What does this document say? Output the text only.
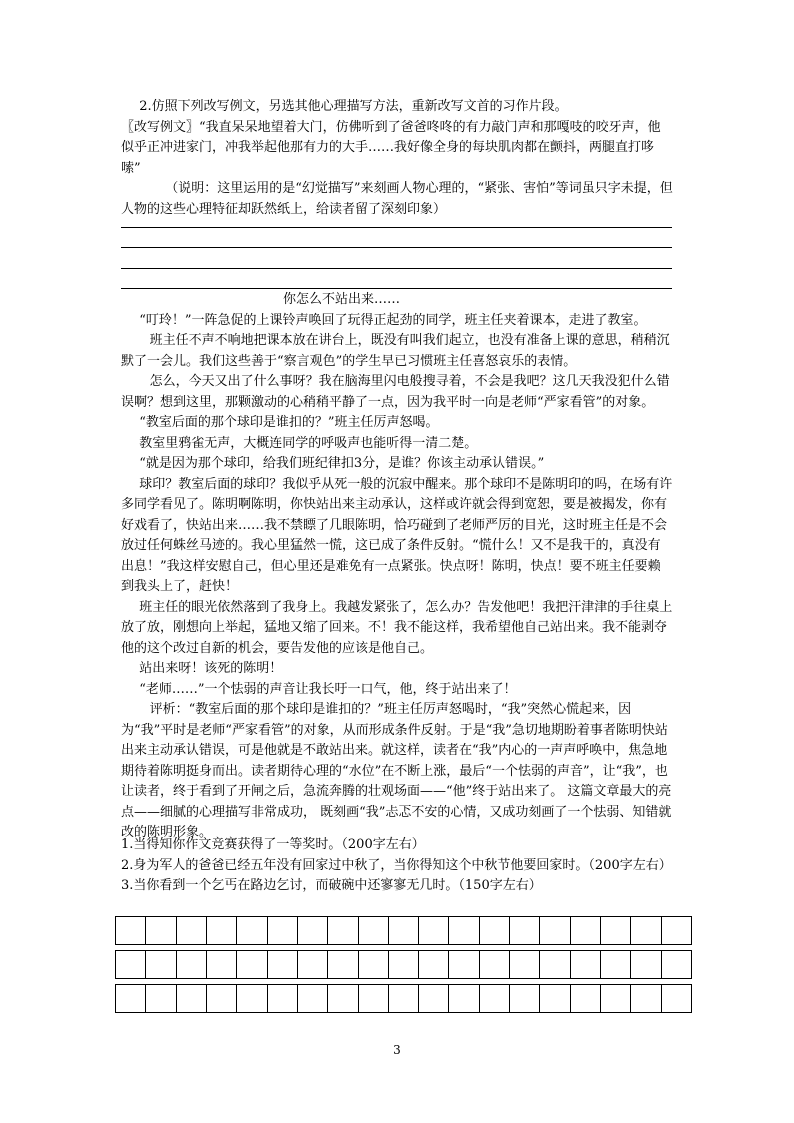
2.仿照下列改写例文，另选其他心理描写方法，重新改写文首的习作片段。

〖改写例文〗“我直呆呆地望着大门，仿佛听到了爸爸咚咚的有力敲门声和那嘎吱的咬牙声，他似乎正冲进家门，冲我举起他那有力的大手……我好像全身的每块肌肉都在颤抖，两腿直打哆嗦”

（说明：这里运用的是“幻觉描写”来刻画人物心理的，“紧张、害怕”等词虽只字未提，但人物的这些心理特征却跃然纸上，给读者留了深刻印象）

你怎么不站出来……

“叮玲！”一阵急促的上课铃声唤回了玩得正起劲的同学，班主任夹着课本，走进了教室。

班主任不声不响地把课本放在讲台上，既没有叫我们起立，也没有准备上课的意思，稍稍沉默了一会儿。我们这些善于“察言观色”的学生早已习惯班主任喜怒哀乐的表情。

怎么，今天又出了什么事呀？我在脑海里闪电般搜寻着，不会是我吧？这几天我没犯什么错误啊？想到这里，那颗激动的心稍稍平静了一点，因为我平时一向是老师“严家看管”的对象。

“教室后面的那个球印是谁扣的？”班主任厉声怒喝。

教室里鸦雀无声，大概连同学的呼吸声也能听得一清二楚。

“就是因为那个球印，给我们班纪律扣3分，是谁？你该主动承认错误。”

球印？教室后面的球印？我似乎从死一般的沉寂中醒来。那个球印不是陈明印的吗，在场有许多同学看见了。陈明啊陈明，你快站出来主动承认，这样或许就会得到宽恕，要是被揭发，你有好戏看了，快站出来……我不禁瞟了几眼陈明，恰巧碰到了老师严厉的目光，这时班主任是不会放过任何蛛丝马迹的。我心里猛然一慌，这已成了条件反射。“慌什么！又不是我干的，真没有出息！”我这样安慰自己，但心里还是难免有一点紧张。快点呀！陈明，快点！要不班主任要赖到我头上了，赶快！

班主任的眼光依然落到了我身上。我越发紧张了，怎么办？告发他吧！我把汗津津的手往桌上放了放，刚想向上举起，猛地又缩了回来。不！我不能这样，我希望他自己站出来。我不能剥夺他的这个改过自新的机会，要告发他的应该是他自己。

站出来呀！该死的陈明！

“老师……”一个怯弱的声音让我长吁一口气，他，终于站出来了！

评析：“教室后面的那个球印是谁扣的？”班主任厉声怒喝时，“我”突然心慌起来，因为“我”平时是老师“严家看管”的对象，从而形成条件反射。于是“我”急切地期盼着事者陈明快站出来主动承认错误，可是他就是不敢站出来。就这样，读者在“我”内心的一声声呼唤中，焦急地期待着陈明挺身而出。读者期待心理的“水位”在不断上涨，最后“一个怯弱的声音”，让“我”，也让读者，终于看到了开闸之后，急流奔腾的壮观场面——“他”终于站出来了。 这篇文章最大的亮点——细腻的心理描写非常成功， 既刻画“我”忐忑不安的心情，又成功刻画了一个怯弱、知错就改的陈明形象。

1.当得知你作文竞赛获得了一等奖时。（200字左右）

2.身为军人的爸爸已经五年没有回家过中秋了，当你得知这个中秋节他要回家时。（200字左右）

3.当你看到一个乞丐在路边乞讨，而破碗中还寥寥无几时。（150字左右）

3
